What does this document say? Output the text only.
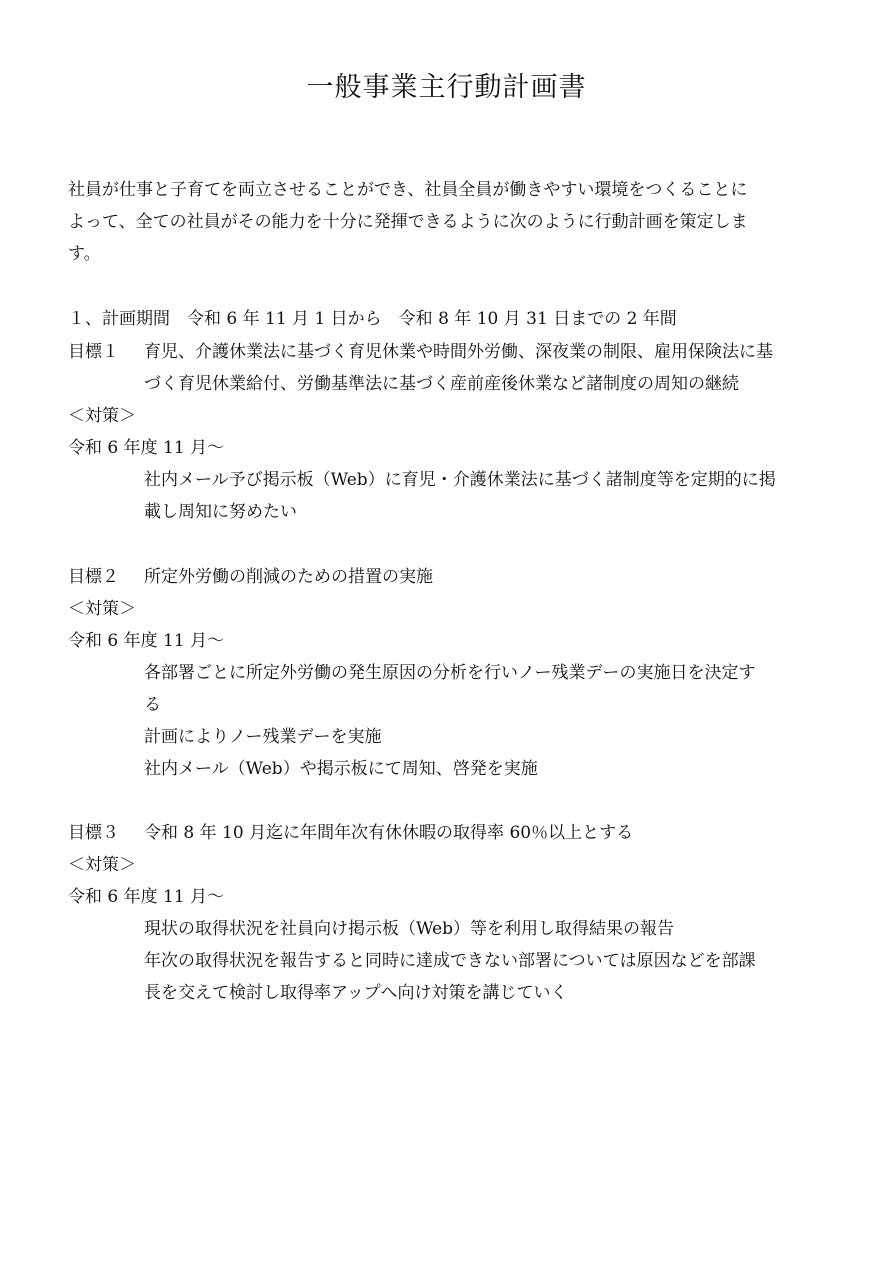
一般事業主行動計画書
社員が仕事と子育てを両立させることができ、社員全員が働きやすい環境をつくることに
よって、全ての社員がその能力を十分に発揮できるように次のように行動計画を策定しま
す。
１、計画期間　令和 6 年 11 月 1 日から　令和 8 年 10 月 31 日までの 2 年間
目標１ 育児、介護休業法に基づく育児休業や時間外労働、深夜業の制限、雇用保険法に基
づく育児休業給付、労働基準法に基づく産前産後休業など諸制度の周知の継続
＜対策＞
令和 6 年度 11 月～
社内メール予び掲示板（Web）に育児・介護休業法に基づく諸制度等を定期的に掲
載し周知に努めたい
目標２ 所定外労働の削減のための措置の実施
＜対策＞
令和 6 年度 11 月～
各部署ごとに所定外労働の発生原因の分析を行いノー残業デーの実施日を決定す
る
計画によりノー残業デーを実施
社内メール（Web）や掲示板にて周知、啓発を実施
目標３ 令和 8 年 10 月迄に年間年次有休休暇の取得率 60％以上とする
＜対策＞
令和 6 年度 11 月～
現状の取得状況を社員向け掲示板（Web）等を利用し取得結果の報告
年次の取得状況を報告すると同時に達成できない部署については原因などを部課
長を交えて検討し取得率アップへ向け対策を講じていく
